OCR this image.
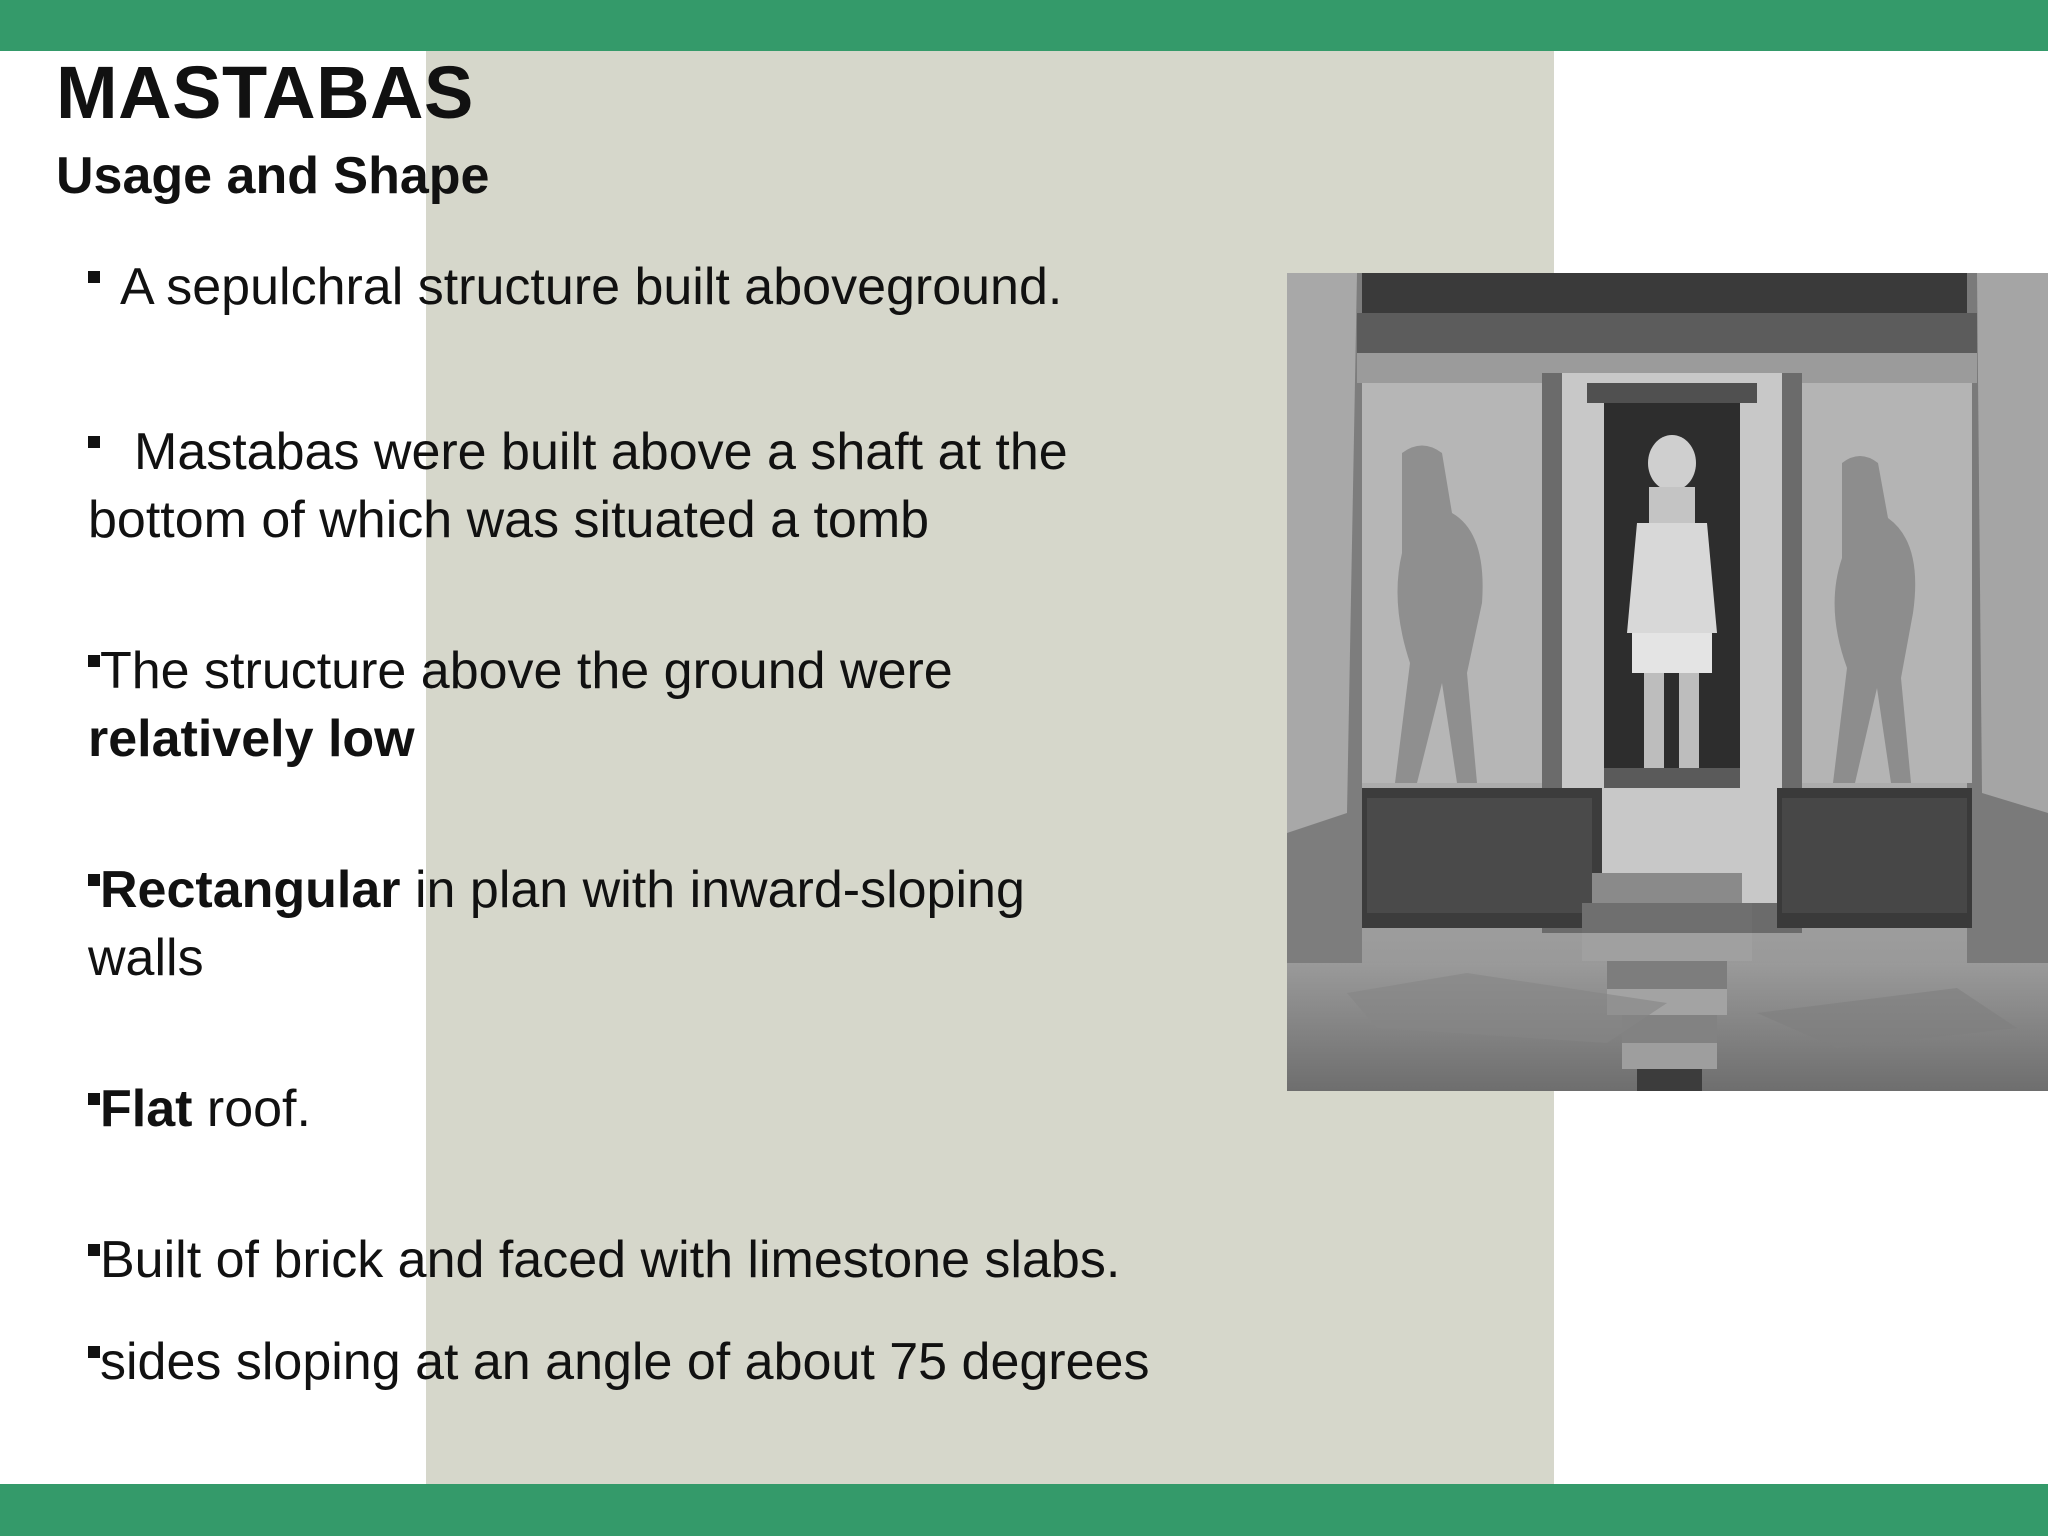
MASTABAS
Usage and Shape

A sepulchral structure built aboveground.

Mastabas were built above a shaft at the
bottom of which was situated a tomb

The structure above the ground were
relatively low

Rectangular in plan with inward-sloping
walls

Flat roof.

Built of brick and faced with limestone slabs.

sides sloping at an angle of about 75 degrees
